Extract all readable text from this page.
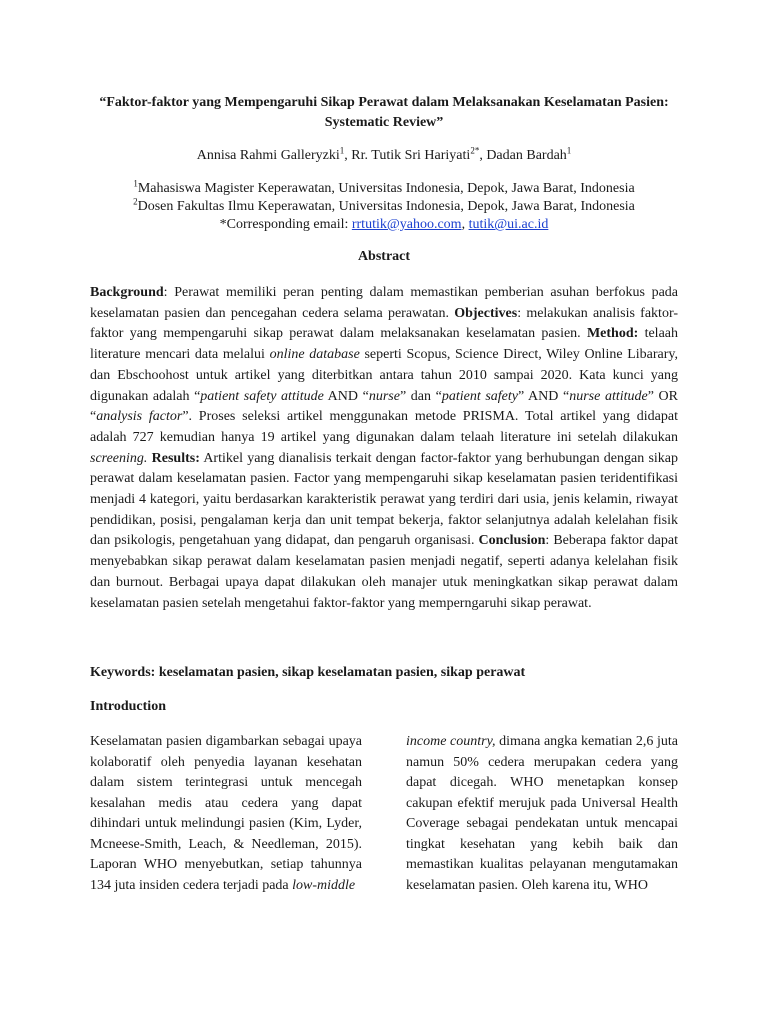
“Faktor-faktor yang Mempengaruhi Sikap Perawat dalam Melaksanakan Keselamatan Pasien: Systematic Review”
Annisa Rahmi Galleryzki$^1$, Rr. Tutik Sri Hariyati$^{2*}$, Dadan Bardah$^1$
$^1$Mahasiswa Magister Keperawatan, Universitas Indonesia, Depok, Jawa Barat, Indonesia
$^2$Dosen Fakultas Ilmu Keperawatan, Universitas Indonesia, Depok, Jawa Barat, Indonesia
*Corresponding email: rrtutik@yahoo.com, tutik@ui.ac.id
Abstract
Background: Perawat memiliki peran penting dalam memastikan pemberian asuhan berfokus pada keselamatan pasien dan pencegahan cedera selama perawatan. Objectives: melakukan analisis faktor-faktor yang mempengaruhi sikap perawat dalam melaksanakan keselamatan pasien. Method: telaah literature mencari data melalui online database seperti Scopus, Science Direct, Wiley Online Libarary, dan Ebschoohost untuk artikel yang diterbitkan antara tahun 2010 sampai 2020. Kata kunci yang digunakan adalah “patient safety attitude AND “nurse” dan “patient safety” AND “nurse attitude” OR “analysis factor”. Proses seleksi artikel menggunakan metode PRISMA. Total artikel yang didapat adalah 727 kemudian hanya 19 artikel yang digunakan dalam telaah literature ini setelah dilakukan screening. Results: Artikel yang dianalisis terkait dengan factor-faktor yang berhubungan dengan sikap perawat dalam keselamatan pasien. Factor yang mempengaruhi sikap keselamatan pasien teridentifikasi menjadi 4 kategori, yaitu berdasarkan karakteristik perawat yang terdiri dari usia, jenis kelamin, riwayat pendidikan, posisi, pengalaman kerja dan unit tempat bekerja, faktor selanjutnya adalah kelelahan fisik dan psikologis, pengetahuan yang didapat, dan pengaruh organisasi. Conclusion: Beberapa faktor dapat menyebabkan sikap perawat dalam keselamatan pasien menjadi negatif, seperti adanya kelelahan fisik dan burnout. Berbagai upaya dapat dilakukan oleh manajer utuk meningkatkan sikap perawat dalam keselamatan pasien setelah mengetahui faktor-faktor yang memperngaruhi sikap perawat.
Keywords: keselamatan pasien, sikap keselamatan pasien, sikap perawat
Introduction
Keselamatan pasien digambarkan sebagai upaya kolaboratif oleh penyedia layanan kesehatan dalam sistem terintegrasi untuk mencegah kesalahan medis atau cedera yang dapat dihindari untuk melindungi pasien (Kim, Lyder, Mcneese-Smith, Leach, & Needleman, 2015). Laporan WHO menyebutkan, setiap tahunnya 134 juta insiden cedera terjadi pada low-middle
income country, dimana angka kematian 2,6 juta namun 50% cedera merupakan cedera yang dapat dicegah. WHO menetapkan konsep cakupan efektif merujuk pada Universal Health Coverage sebagai pendekatan untuk mencapai tingkat kesehatan yang kebih baik dan memastikan kualitas pelayanan mengutamakan keselamatan pasien. Oleh karena itu, WHO
